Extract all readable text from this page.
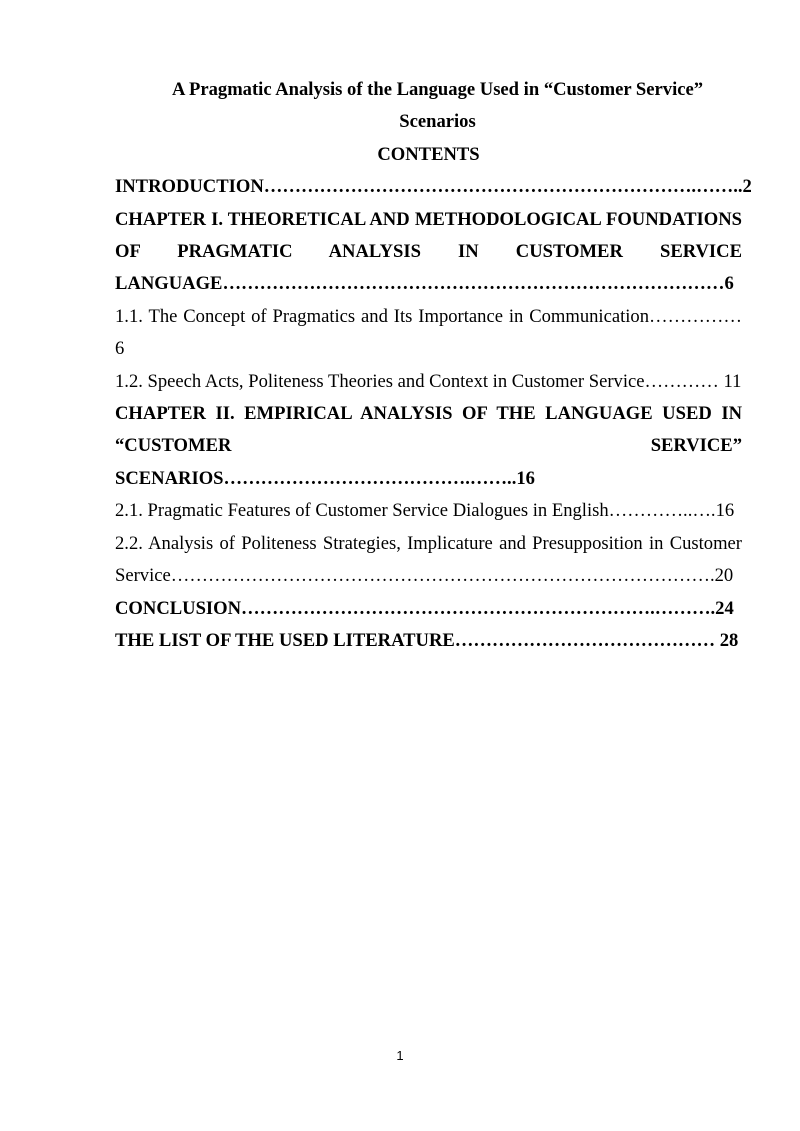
A Pragmatic Analysis of the Language Used in “Customer Service” Scenarios

CONTENTS

INTRODUCTION…………………………………………………………….……..2

CHAPTER I. THEORETICAL AND METHODOLOGICAL FOUNDATIONS OF PRAGMATIC ANALYSIS IN CUSTOMER SERVICE LANGUAGE………………………………………………………………………6

1.1. The Concept of Pragmatics and Its Importance in Communication…………… 6

1.2. Speech Acts, Politeness Theories and Context in Customer Service………… 11

CHAPTER II. EMPIRICAL ANALYSIS OF THE LANGUAGE USED IN “CUSTOMER SERVICE” SCENARIOS………………………………….……..16

2.1. Pragmatic Features of Customer Service Dialogues in English…………..….16

2.2. Analysis of Politeness Strategies, Implicature and Presupposition in Customer Service…………………………………………………………………………….20

CONCLUSION………………………………………………………….……….24

THE LIST OF THE USED LITERATURE…………………………………… 28

1
